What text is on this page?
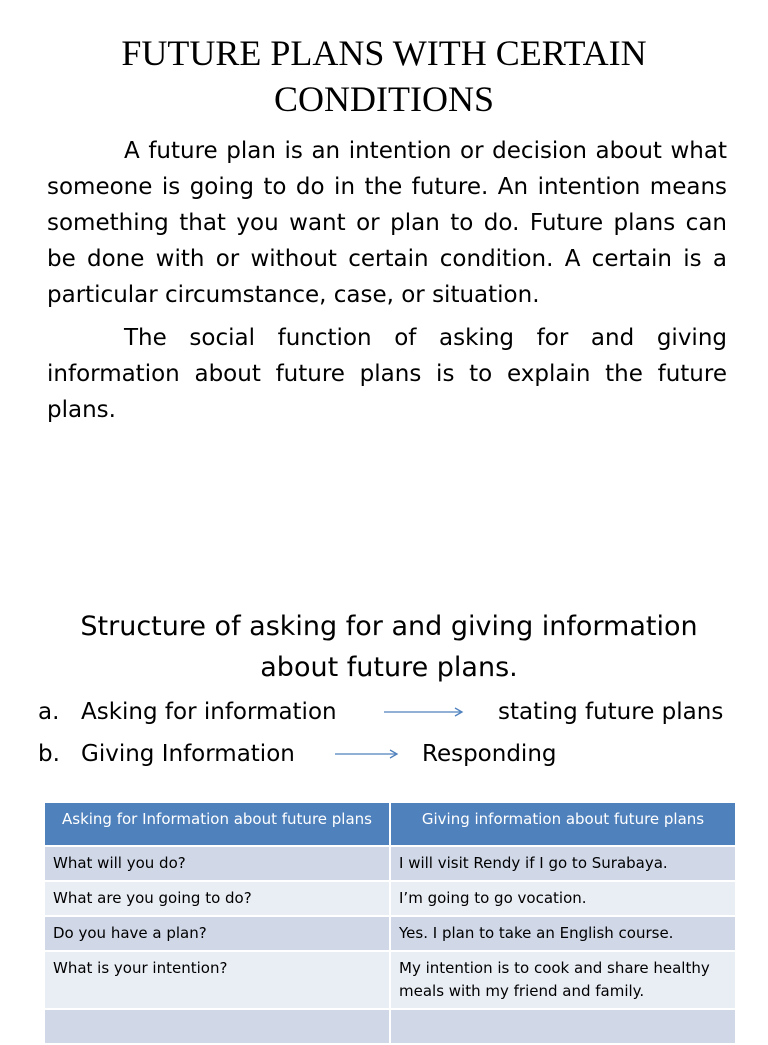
FUTURE PLANS WITH CERTAIN CONDITIONS

A future plan is an intention or decision about what someone is going to do in the future. An intention means something that you want or plan to do. Future plans can be done with or without certain condition. A certain is a particular circumstance, case, or situation.

The social function of asking for and giving information about future plans is to explain the future plans.

Structure of asking for and giving information about future plans.
a. Asking for information	stating future plans
b. Giving Information	Responding
Asking for Information about future plans	Giving information about future plans
What will you do?	I will visit Rendy if I go to Surabaya.
What are you going to do?	I’m going to go vocation.
Do you have a plan?	Yes. I plan to take an English course.
What is your intention?	My intention is to cook and share healthy meals with my friend and family.
